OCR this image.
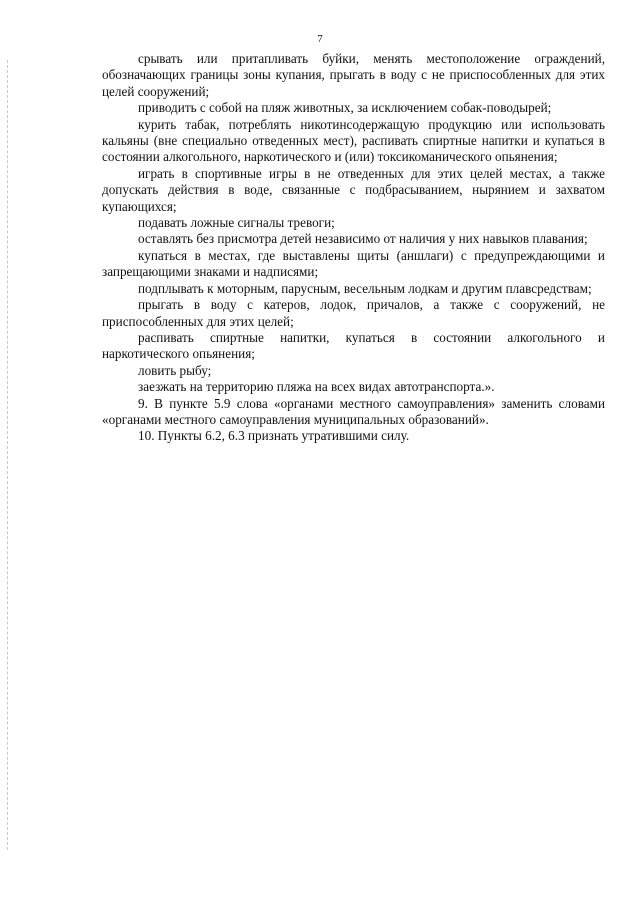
7

срывать или притапливать буйки, менять местоположение ограждений, обозначающих границы зоны купания, прыгать в воду с не приспособленных для этих целей сооружений;

приводить с собой на пляж животных, за исключением собак-поводырей;

курить табак, потреблять никотинсодержащую продукцию или использовать кальяны (вне специально отведенных мест), распивать спиртные напитки и купаться в состоянии алкогольного, наркотического и (или) токсикоманического опьянения;

играть в спортивные игры в не отведенных для этих целей местах, а также допускать действия в воде, связанные с подбрасыванием, нырянием и захватом купающихся;

подавать ложные сигналы тревоги;

оставлять без присмотра детей независимо от наличия у них навыков плавания;

купаться в местах, где выставлены щиты (аншлаги) с предупреждающими и запрещающими знаками и надписями;

подплывать к моторным, парусным, весельным лодкам и другим плавсредствам;

прыгать в воду с катеров, лодок, причалов, а также с сооружений, не приспособленных для этих целей;

распивать спиртные напитки, купаться в состоянии алкогольного и наркотического опьянения;

ловить рыбу;

заезжать на территорию пляжа на всех видах автотранспорта.».

9. В пункте 5.9 слова «органами местного самоуправления» заменить словами «органами местного самоуправления муниципальных образований».

10. Пункты 6.2, 6.3 признать утратившими силу.
